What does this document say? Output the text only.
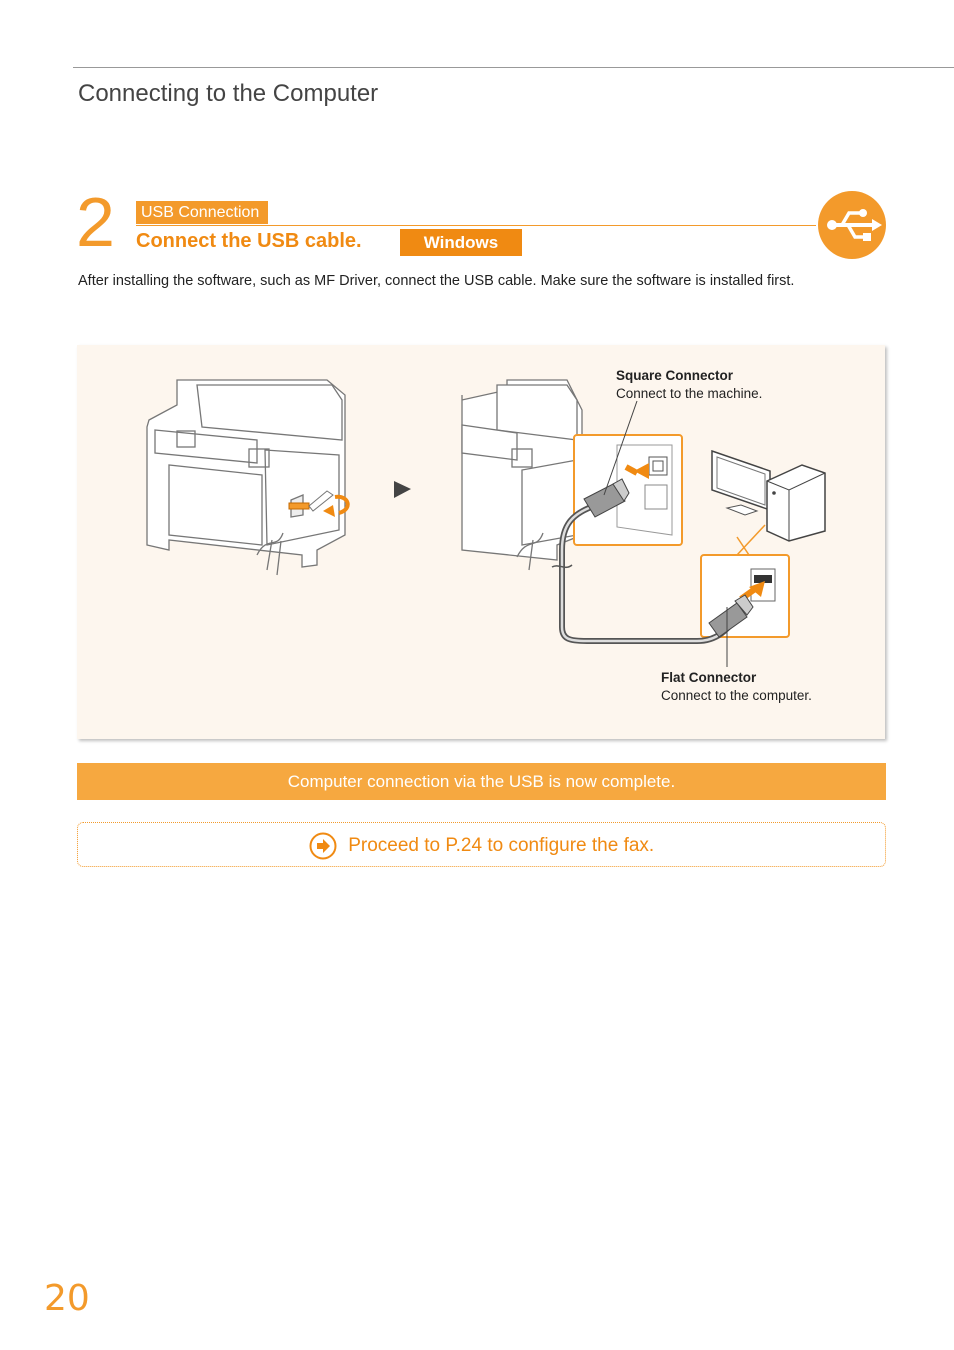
Connecting to the Computer
2	USB Connection
Connect the USB cable.	Windows
After installing the software, such as MF Driver, connect the USB cable. Make sure the software is installed first.
Square Connector
Connect to the machine.
Flat Connector
Connect to the computer.
Computer connection via the USB is now complete.
Proceed to P.24 to configure the fax.
20
